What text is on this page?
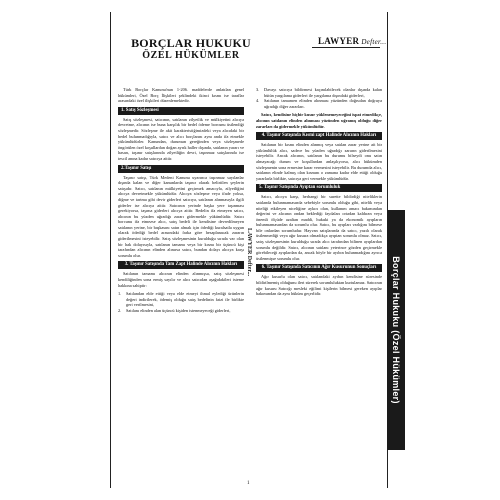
BORÇLAR HUKUKU
ÖZEL HÜKÜMLER
LAWYER Defter...

Türk Borçlar Kanunu'nun 1-206. maddelerde anlatılan genel hükümleri, Özel Borç İlişkileri şeklindeki ikinci kısmı ise taraflar arasındaki özel ilişkileri düzenlemektedir.

1. Satış Sözleşmesi

Satış sözleşmesi, satıcının, satılanın zilyetlik ve mülkiyetini alıcıya devretme, alıcının ise buna karşılık bir bedel ödeme borcunu üstlendiği sözleşmedir. Sözleşme ile akit karakteristiğimizdeki veya alıcıdaki bir bedel bulunmadığıyla, satıcı ve alıcı borçlarını aynı anda ifa etmekle yükümlüdürler. Kanundan, durumun gereğinden veya sözleşmede öngörülen özel koşullardan doğan ayrık haller dışında, satılanın yararı ve hasarı, taşınır satışlarında zilyetliğin devri, taşınmaz satışlarında ise tescil anına kadar satıcıya aittir.

2.Taşınır Satışı

Taşınır satışı, Türk Medeni Kanunu uyarınca taşınmaz sayılanlar dışında kalan ve diğer kanunlarda taşınır olarak belirtilen şeylerin satışıdır. Satıcı, satılanın mülkiyetini geçirmek amacıyla, zilyetliğini alıcıya devretmekle yükümlüdür. Alıcıya sözleşme veya ifade yoksa, diğme ve tartma gibi devir giderleri satıcıya, satılanın alınmasıyla ilgili giderler ise alıcıya aittir. Satıcının yerinde başka yere taşınması gerekiyorsa, taşıma giderleri alıcıya aittir. Bedelin ifa etmeyen satıcı, alıcının bu yüzden uğradığı zararı gidermekle yükümlüdür. Satıcı borcunu ifa etmezse alıcı, satış bedeli ile kendisine devredilmeyen satılanın yerine, bir başkasını satın almak için ödediği kuralsatla uygun olarak ödediği bedel arasındaki farka göre hesaplanacak zararın giderilmesini isteyebilir. Satış sözleşmesinin kurulduğu sırada var olan bir hak dolayısıyla, satılanın tamamı veya bir kısmı bir üçüncü kişi tarafından alıcının elinden alınırsa satıcı, bundan dolayı alıcıya karşı sorumlu olur.

3. Taşınır Satışında Tam Zapt Halinde Alıcının Hakları

Satılanın tamamı alıcının elinden alınmışsa, satış sözleşmesi kendiliğinden sona ermiş sayılır ve alıcı satıcıdan aşağıdakileri isteme hakkına sahiptir:

1.	Satılandan elde ettiği veya elde etmeyi ihmal eylediği ürünlerin değeri indirilerek, ödemiş olduğu satış bedelinin faizi ile birlikte geri verilmesini,
2.	Satılanı elinden alan üçüncü kişiden istenmeyeceği giderleri,
LAWYER Defter...
3.	Davayı satıcıya bildirmesi kaçınılabilecek olanlar dışında kalan bütün yargılama giderleri ile yargılama dışındaki giderleri,
4.	Satılanın tamamen elinden alınması yüzünden doğrudan doğruya uğradığı diğer zararları.

Satıcı, kendisine hiçbir kusur yüklenemeyeceğini ispat etmedikçe, alıcının satılanın elinden alınması yüzünden uğramış olduğu diğer zararları da gidermekle yükümlüdür.

4. Taşınır Satışında Kısmi zapt Halinde Alıcının Hakları

Satılanın bir kısmı elinden alınmış veya satılan zarar yerine ait bir yükümlülük alıcı, sadece bu yüzden uğradığı zararın giderilmesini isteyebilir. Ancak alıcının, satılanın bu durumu bilseydi onu satın almayacağı durum ve koşullardan anlaşılıyorsa, alıcı hükümden sözleşmenin sona ermesine karar vermesini isteyebilir. Bu durumda alıcı, satılanın elinde kalmış olan kısmını o zamana kadar elde ettiği olduğu yararlarla birlikte, satıcıya geri vermekle yükümlüdür.

5. Taşınır Satışında Ayıptan sorumluluk

Satıcı, alıcıya karşı, herhangi bir surette bildirdiği niteliklerin satılanda bulunmamasında sebebiyle sorumlu olduğu gibi, nitelik veya niteliği etkileyen niceliğine aykırı olan, kullanım amacı bakımından değerini ve alıcının ondan beklediği faydaları ortadan kaldıran veya önemli ölçüde azaltan maddi, hukuki ya da ekonomik ayıpların bulunmamasından da sorumlu olur. Satıcı, bu ayıpları varlığını bilmese bile onlardan sorumludur. Hayvan satışlarında da satıcı, yazılı olarak üstlenmediği veya ağır kusura olmadıkça ayıptan sorumlu olmaz. Satıcı, satış sözleşmesinin kurulduğu sırada alıcı tarafından bilinen ayıplardan sorumlu değildir. Satıcı, alıcının satılanı yeterince gözden geçirmekle görebileceği ayıplardan da, ancak böyle bir ayıbın bulunmadığını ayrıca üstlenmişse sorumlu olur.

6. Taşınır Satışında Satıcının Ağır Kusurunun Sonuçları

Ağır kusurlu olan satıcı, satılandaki ayıbın kendisine süresinde bildirilmemiş olduğunu ileri sürerek sorumluluktan kurtulamaz. Satıcının ağır kusuru Satıcığı mesleki eğilimi kişilerin bilmesi gereken ayıplar bakımından da aynı hüküm geçerlidir.	Borçlar Hukuku (Özel Hükümler)
1
